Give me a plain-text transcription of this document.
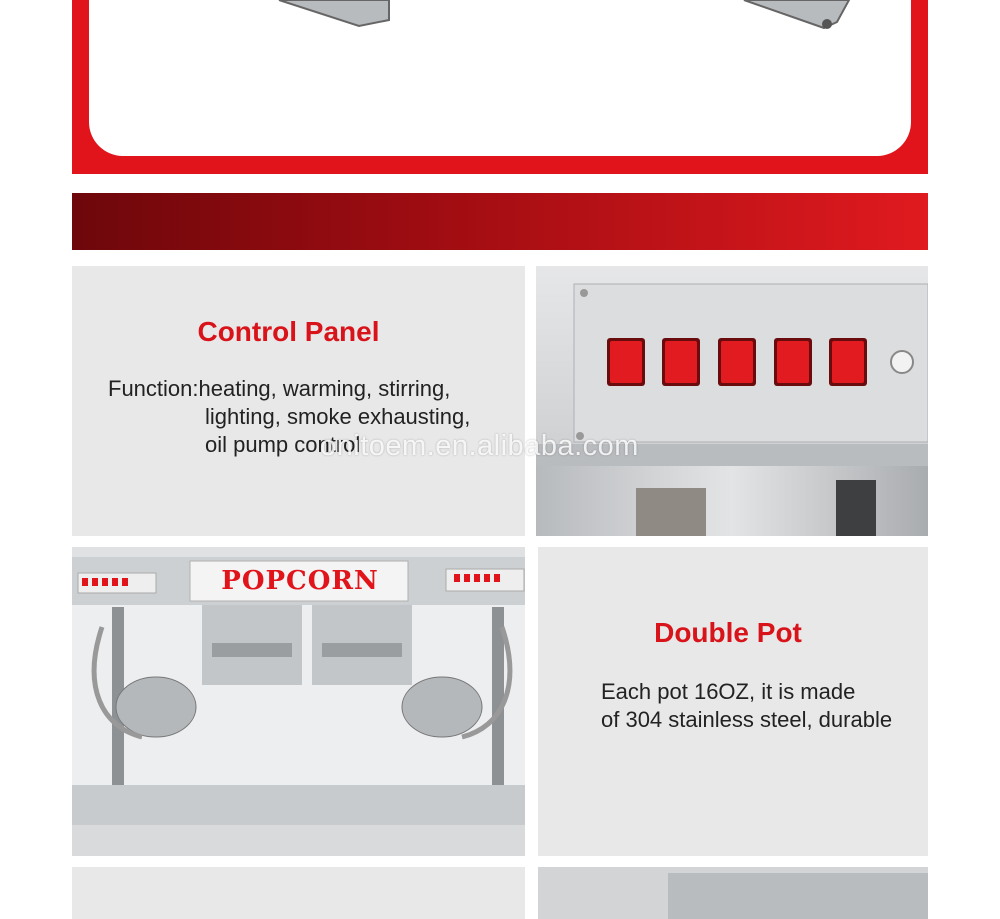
Control Panel
Function:heating, warming, stirring,
lighting, smoke exhausting,
oil pump control
POPCORN
Double Pot
Each pot 16OZ, it is made
of 304 stainless steel, durable
onitoem.en.alibaba.com
